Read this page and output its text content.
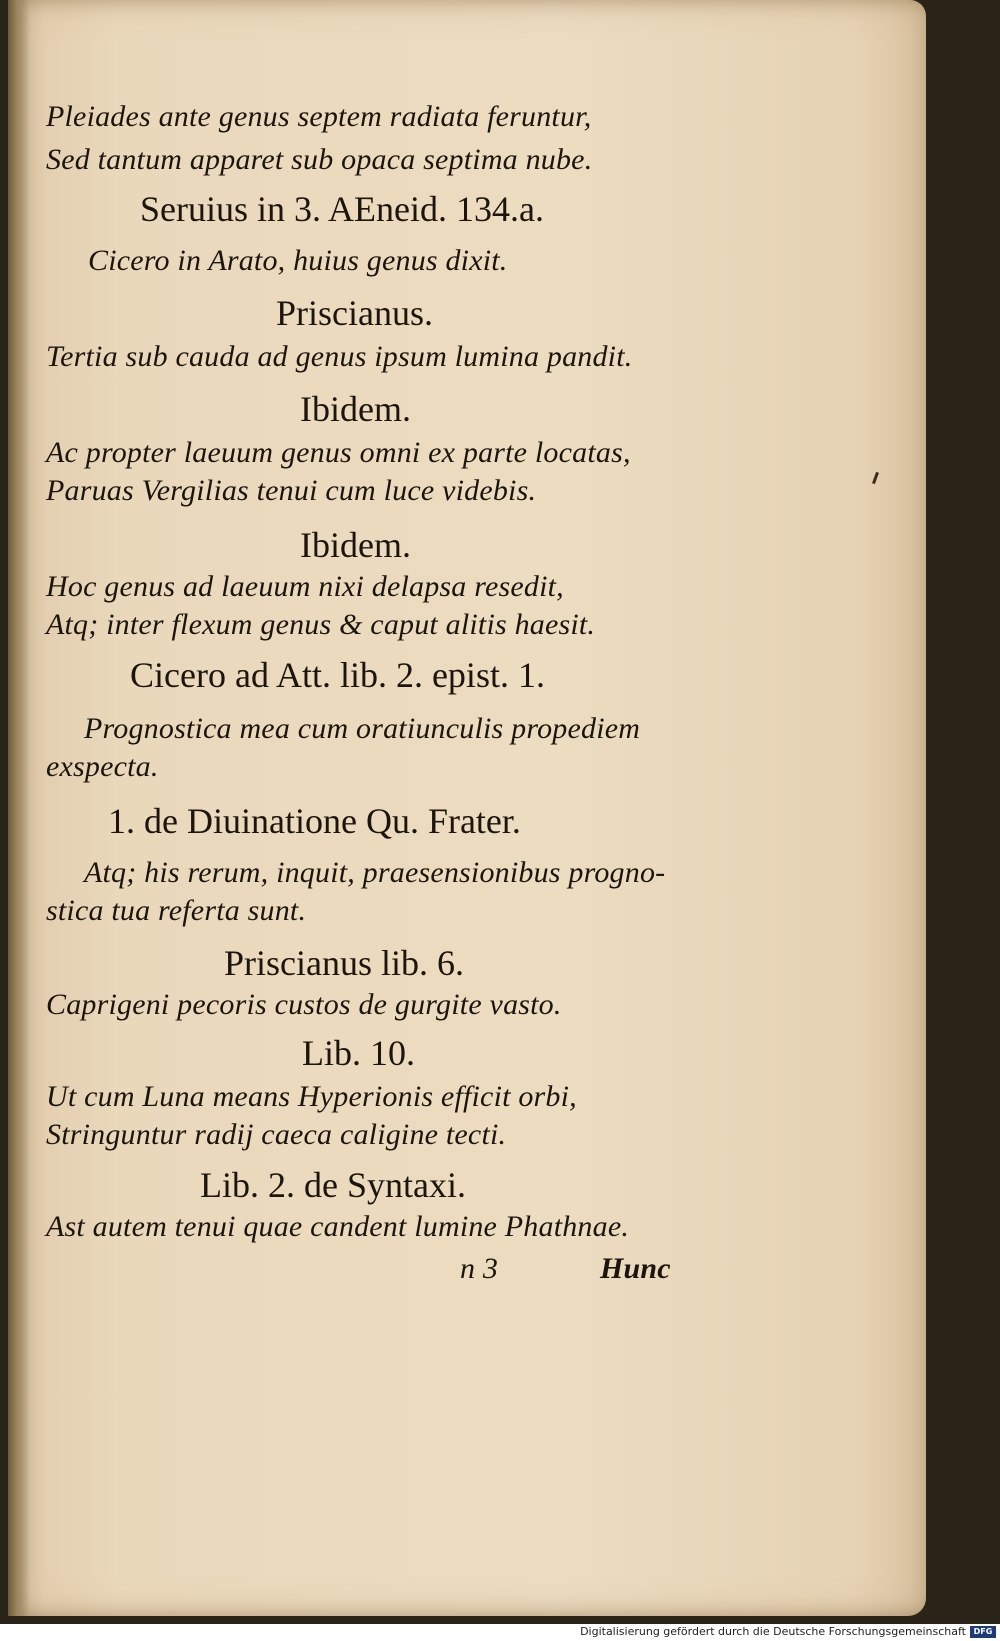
Pleiades ante genus septem radiata feruntur,
Sed tantum apparet sub opaca septima nube.
Seruius in 3. AEneid. 134.a.
Cicero in Arato, huius genus dixit.
Priscianus.
Tertia sub cauda ad genus ipsum lumina pandit.
Ibidem.
Ac propter laeuum genus omni ex parte locatas,
Paruas Vergilias tenui cum luce videbis.
Ibidem.
Hoc genus ad laeuum nixi delapsa resedit,
Atq; inter flexum genus & caput alitis haesit.
Cicero ad Att. lib. 2. epist. 1.
Prognostica mea cum oratiunculis propediem
exspecta.
1. de Diuinatione Qu. Frater.
Atq; his rerum, inquit, praesensionibus progno-
stica tua referta sunt.
Priscianus lib. 6.
Caprigeni pecoris custos de gurgite vasto.
Lib. 10.
Ut cum Luna means Hyperionis efficit orbi,
Stringuntur radij caeca caligine tecti.
Lib. 2. de Syntaxi.
Ast autem tenui quae candent lumine Phathnae.
n 3	Hunc
Digitalisierung gefördert durch die Deutsche Forschungsgemeinschaft DFG
